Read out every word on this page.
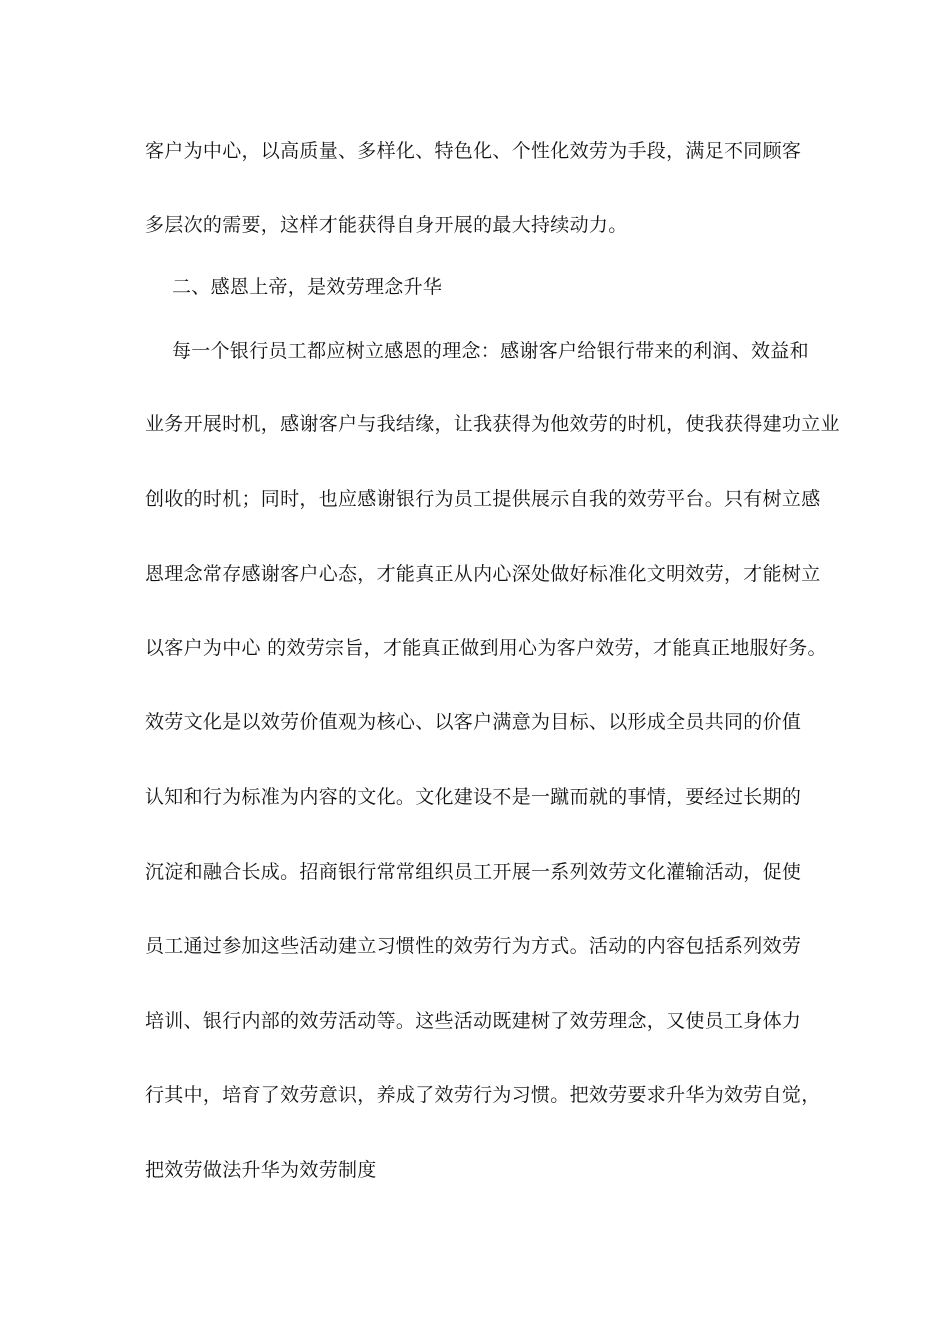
客户为中心，以高质量、多样化、特色化、个性化效劳为手段，满足不同顾客
多层次的需要，这样才能获得自身开展的最大持续动力。
二、感恩上帝，是效劳理念升华
每一个银行员工都应树立感恩的理念：感谢客户给银行带来的利润、效益和
业务开展时机，感谢客户与我结缘，让我获得为他效劳的时机，使我获得建功立业
创收的时机；同时，也应感谢银行为员工提供展示自我的效劳平台。只有树立感
恩理念常存感谢客户心态，才能真正从内心深处做好标准化文明效劳，才能树立
以客户为中心 的效劳宗旨，才能真正做到用心为客户效劳，才能真正地服好务。
效劳文化是以效劳价值观为核心、以客户满意为目标、以形成全员共同的价值
认知和行为标准为内容的文化。文化建设不是一蹴而就的事情，要经过长期的
沉淀和融合长成。招商银行常常组织员工开展一系列效劳文化灌输活动，促使
员工通过参加这些活动建立习惯性的效劳行为方式。活动的内容包括系列效劳
培训、银行内部的效劳活动等。这些活动既建树了效劳理念，又使员工身体力
行其中，培育了效劳意识，养成了效劳行为习惯。把效劳要求升华为效劳自觉，
把效劳做法升华为效劳制度
